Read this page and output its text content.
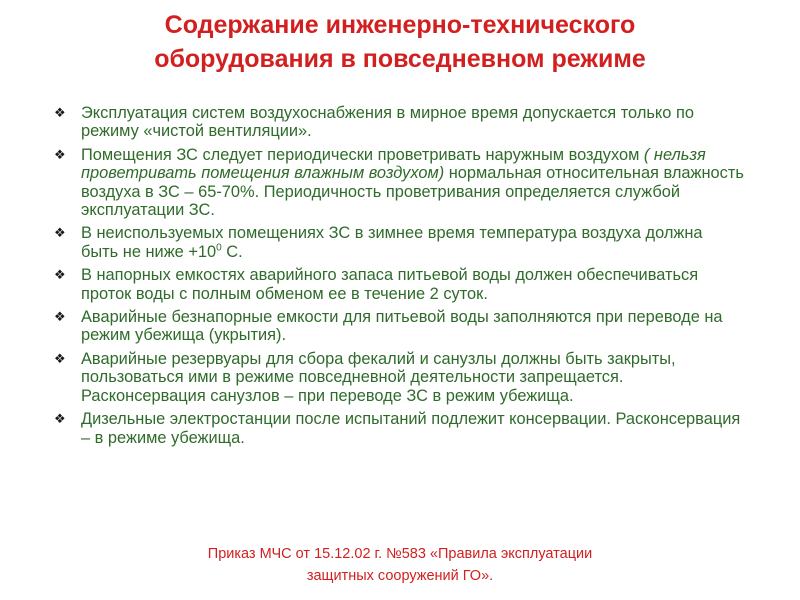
Содержание инженерно-технического
оборудования в повседневном режиме
❖ Эксплуатация систем воздухоснабжения в мирное время допускается только по режиму «чистой вентиляции».
❖ Помещения ЗС следует периодически проветривать наружным воздухом ( нельзя проветривать помещения влажным воздухом) нормальная относительная влажность воздуха в ЗС – 65-70%. Периодичность проветривания определяется службой эксплуатации ЗС.
❖ В неиспользуемых помещениях ЗС в зимнее время температура воздуха должна быть не ниже $+10^0$ С.
❖ В напорных емкостях аварийного запаса питьевой воды должен обеспечиваться проток воды с полным обменом ее в течение 2 суток.
❖ Аварийные безнапорные емкости для питьевой воды заполняются при переводе на режим убежища (укрытия).
❖ Аварийные резервуары для сбора фекалий и санузлы должны быть закрыты, пользоваться ими в режиме повседневной деятельности запрещается. Расконсервация санузлов – при переводе ЗС в режим убежища.
❖ Дизельные электростанции после испытаний подлежит консервации. Расконсервация – в режиме убежища.
Приказ МЧС от 15.12.02 г. №583 «Правила эксплуатации
защитных сооружений ГО».
